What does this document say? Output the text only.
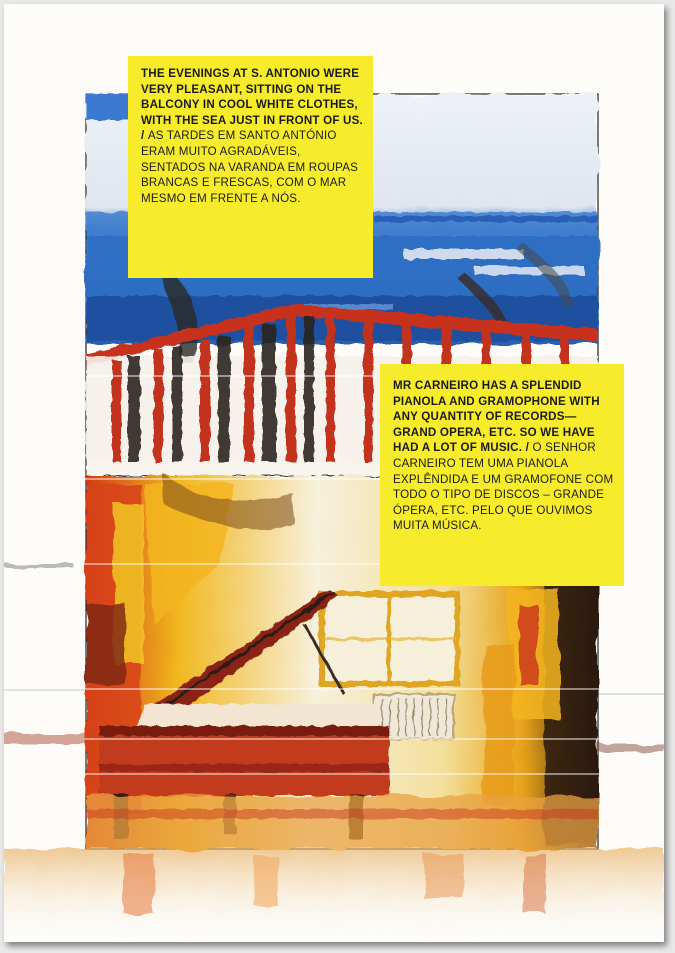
THE EVENINGS AT S. ANTONIO WERE VERY PLEASANT, SITTING ON THE BALCONY IN COOL WHITE CLOTHES, WITH THE SEA JUST IN FRONT OF US. / AS TARDES EM SANTO ANTÓNIO ERAM MUITO AGRADÁVEIS, SENTADOS NA VARANDA EM ROUPAS BRANCAS E FRESCAS, COM O MAR MESMO EM FRENTE A NÓS.
MR CARNEIRO HAS A SPLENDID PIANOLA AND GRAMOPHONE WITH ANY QUANTITY OF RECORDS—GRAND OPERA, ETC. SO WE HAVE HAD A LOT OF MUSIC. / O SENHOR CARNEIRO TEM UMA PIANOLA EXPLÊNDIDA E UM GRAMOFONE COM TODO O TIPO DE DISCOS – GRANDE ÓPERA, ETC. PELO QUE OUVIMOS MUITA MÚSICA.
